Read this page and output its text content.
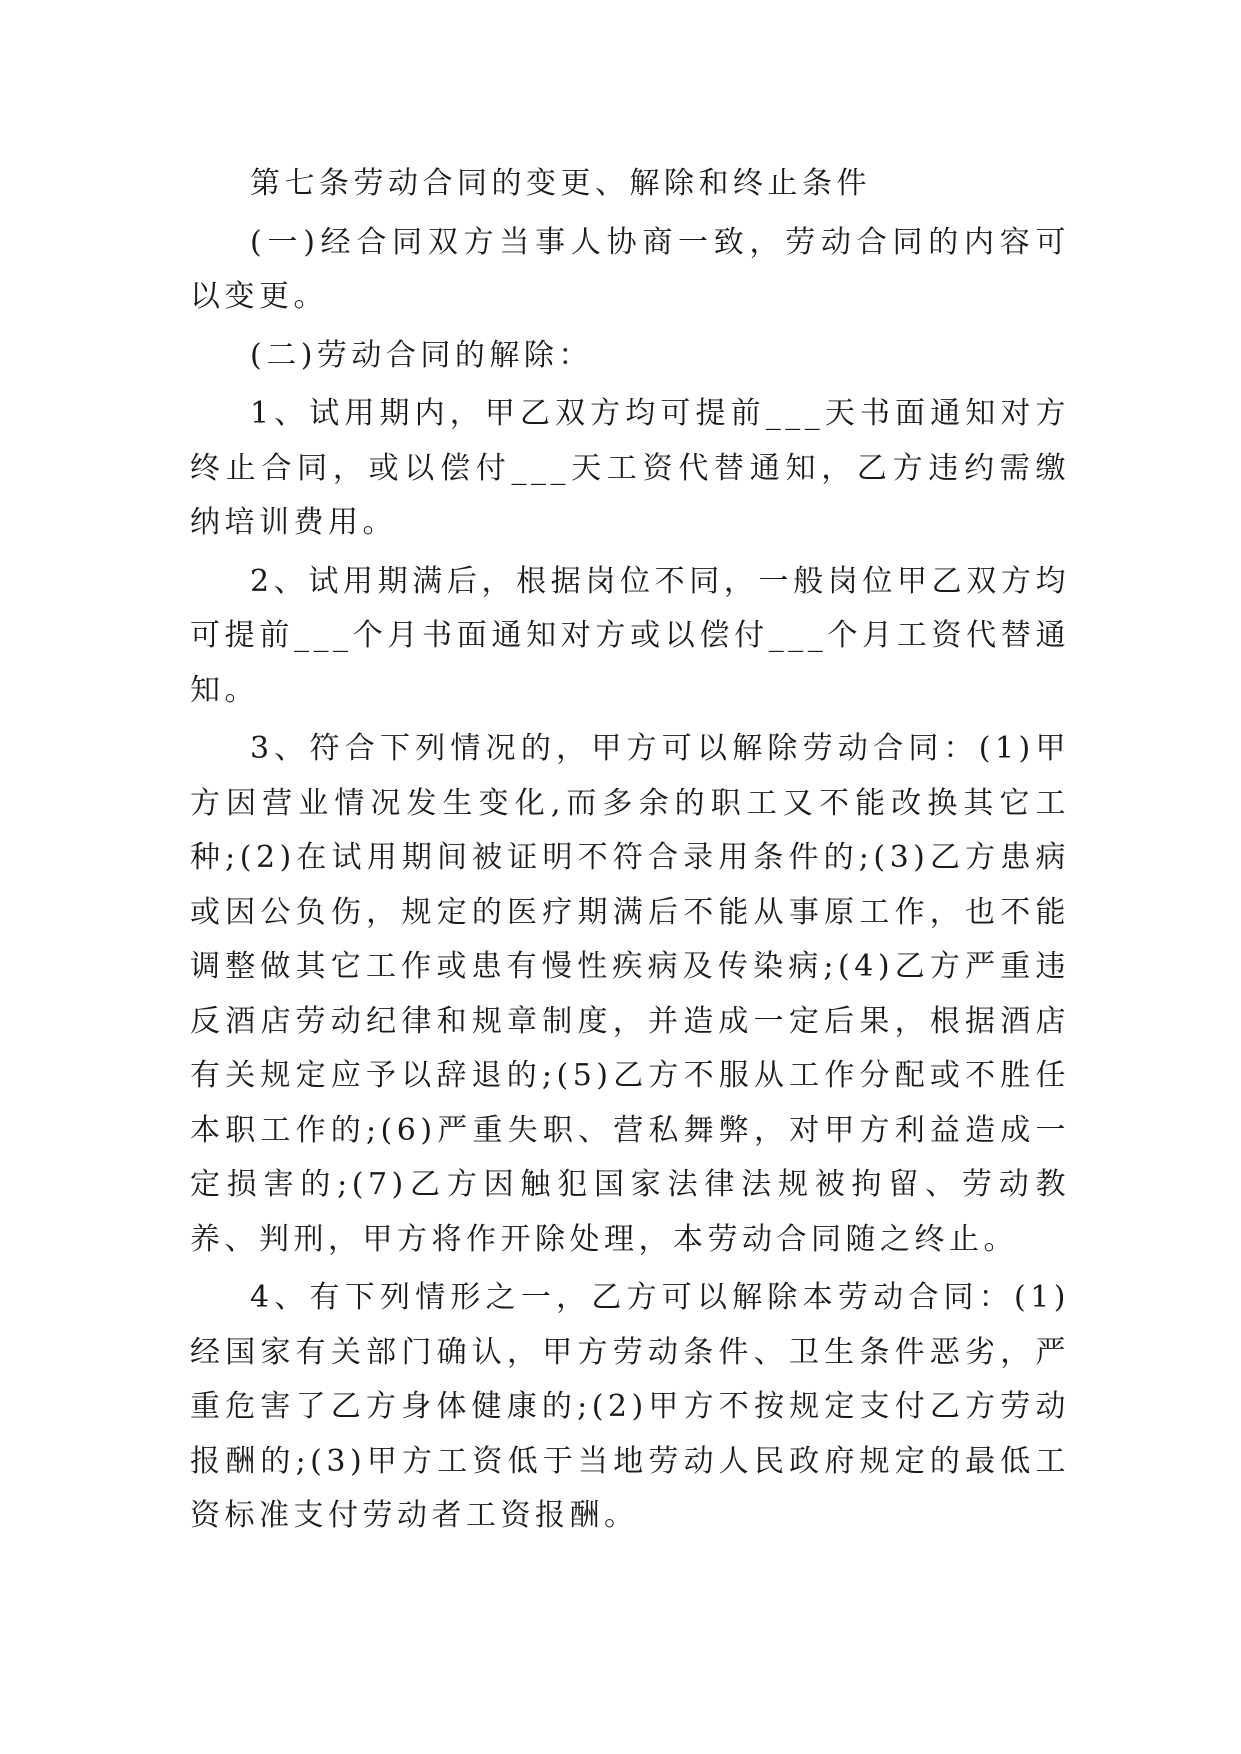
第七条劳动合同的变更、解除和终止条件

(一)经合同双方当事人协商一致，劳动合同的内容可以变更。

(二)劳动合同的解除：

1、试用期内，甲乙双方均可提前___天书面通知对方终止合同，或以偿付___天工资代替通知，乙方违约需缴纳培训费用。

2、试用期满后，根据岗位不同，一般岗位甲乙双方均可提前___个月书面通知对方或以偿付___个月工资代替通知。

3、符合下列情况的，甲方可以解除劳动合同：(1)甲方因营业情况发生变化,而多余的职工又不能改换其它工种;(2)在试用期间被证明不符合录用条件的;(3)乙方患病或因公负伤，规定的医疗期满后不能从事原工作，也不能调整做其它工作或患有慢性疾病及传染病;(4)乙方严重违反酒店劳动纪律和规章制度，并造成一定后果，根据酒店有关规定应予以辞退的;(5)乙方不服从工作分配或不胜任本职工作的;(6)严重失职、营私舞弊，对甲方利益造成一定损害的;(7)乙方因触犯国家法律法规被拘留、劳动教养、判刑，甲方将作开除处理，本劳动合同随之终止。

4、有下列情形之一，乙方可以解除本劳动合同：(1)经国家有关部门确认，甲方劳动条件、卫生条件恶劣，严重危害了乙方身体健康的;(2)甲方不按规定支付乙方劳动报酬的;(3)甲方工资低于当地劳动人民政府规定的最低工资标准支付劳动者工资报酬。
